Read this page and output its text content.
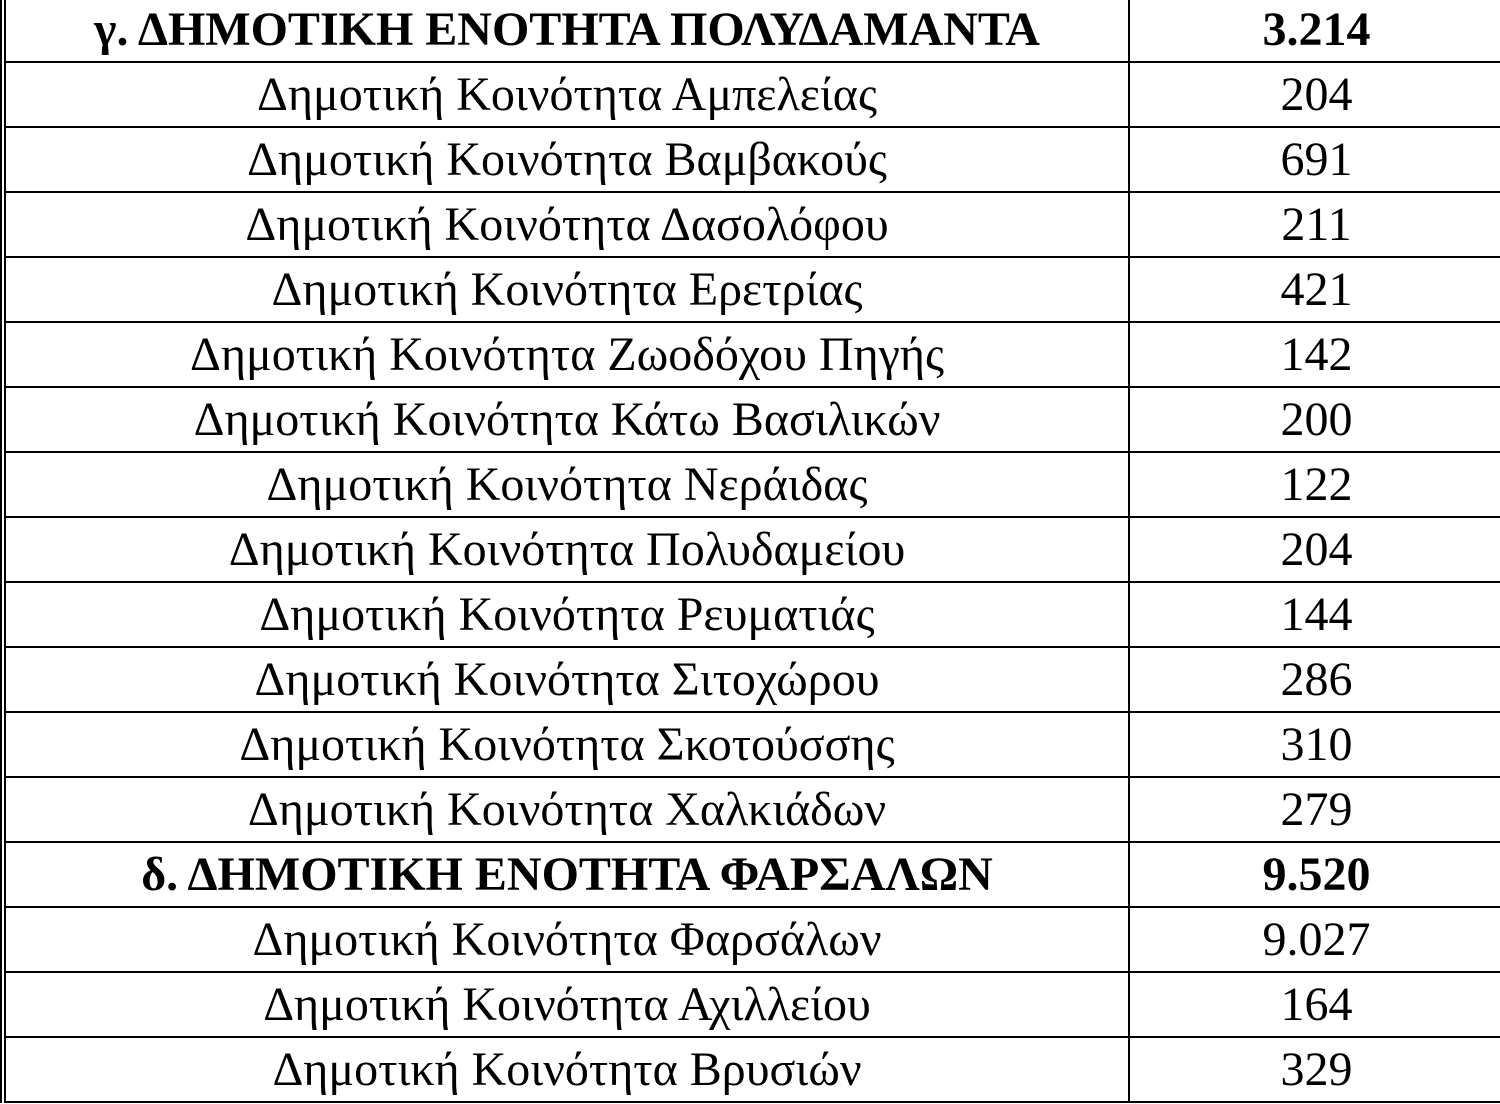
γ. ΔΗΜΟΤΙΚΗ ΕΝΟΤΗΤΑ ΠΟΛΥΔΑΜΑΝΤΑ	3.214
Δημοτική Κοινότητα Αμπελείας	204
Δημοτική Κοινότητα Βαμβακούς	691
Δημοτική Κοινότητα Δασολόφου	211
Δημοτική Κοινότητα Ερετρίας	421
Δημοτική Κοινότητα Ζωοδόχου Πηγής	142
Δημοτική Κοινότητα Κάτω Βασιλικών	200
Δημοτική Κοινότητα Νεράιδας	122
Δημοτική Κοινότητα Πολυδαμείου	204
Δημοτική Κοινότητα Ρευματιάς	144
Δημοτική Κοινότητα Σιτοχώρου	286
Δημοτική Κοινότητα Σκοτούσσης	310
Δημοτική Κοινότητα Χαλκιάδων	279
δ. ΔΗΜΟΤΙΚΗ ΕΝΟΤΗΤΑ ΦΑΡΣΑΛΩΝ	9.520
Δημοτική Κοινότητα Φαρσάλων	9.027
Δημοτική Κοινότητα Αχιλλείου	164
Δημοτική Κοινότητα Βρυσιών	329
